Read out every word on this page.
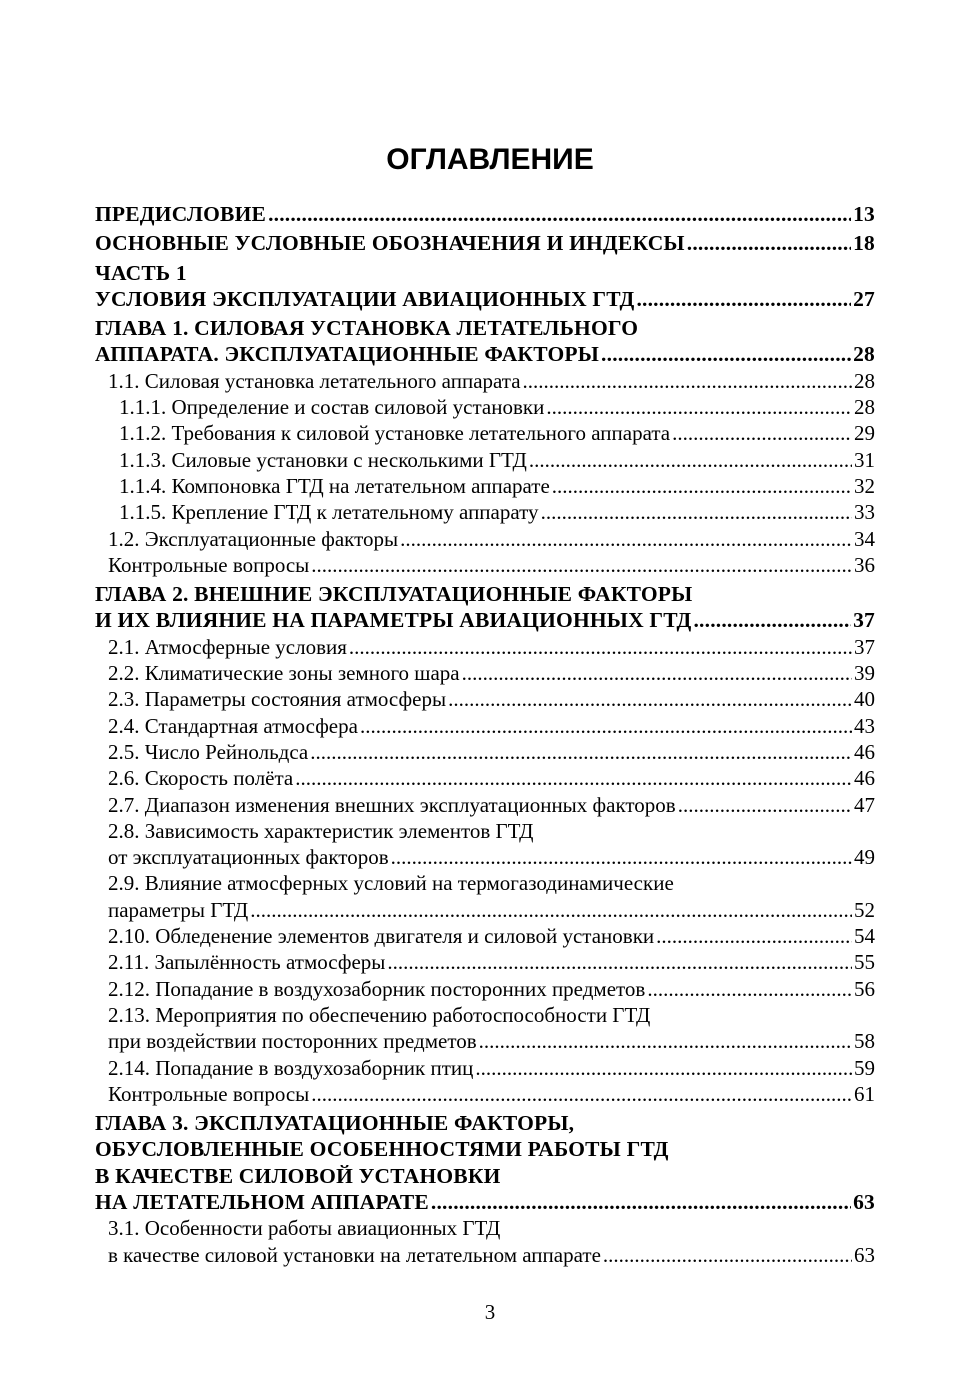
ОГЛАВЛЕНИЕ
ПРЕДИСЛОВИЕ .....	13
ОСНОВНЫЕ УСЛОВНЫЕ ОБОЗНАЧЕНИЯ И ИНДЕКСЫ .....	18
ЧАСТЬ 1
УСЛОВИЯ ЭКСПЛУАТАЦИИ АВИАЦИОННЫХ ГТД .....	27
ГЛАВА 1. СИЛОВАЯ УСТАНОВКА ЛЕТАТЕЛЬНОГО
АППАРАТА. ЭКСПЛУАТАЦИОННЫЕ ФАКТОРЫ .....	28
1.1. Силовая установка летательного аппарата .....	28
1.1.1. Определение и состав силовой установки .....	28
1.1.2. Требования к силовой установке летательного аппарата .....	29
1.1.3. Силовые установки с несколькими ГТД .....	31
1.1.4. Компоновка ГТД на летательном аппарате .....	32
1.1.5. Крепление ГТД к летательному аппарату .....	33
1.2. Эксплуатационные факторы .....	34
Контрольные вопросы .....	36
ГЛАВА 2. ВНЕШНИЕ ЭКСПЛУАТАЦИОННЫЕ ФАКТОРЫ
И ИХ ВЛИЯНИЕ НА ПАРАМЕТРЫ АВИАЦИОННЫХ ГТД .....	37
2.1. Атмосферные условия .....	37
2.2. Климатические зоны земного шара .....	39
2.3. Параметры состояния атмосферы .....	40
2.4. Стандартная атмосфера .....	43
2.5. Число Рейнольдса .....	46
2.6. Скорость полёта .....	46
2.7. Диапазон изменения внешних эксплуатационных факторов .....	47
2.8. Зависимость характеристик элементов ГТД
от эксплуатационных факторов .....	49
2.9. Влияние атмосферных условий на термогазодинамические
параметры ГТД .....	52
2.10. Обледенение элементов двигателя и силовой установки .....	54
2.11. Запылённость атмосферы .....	55
2.12. Попадание в воздухозаборник посторонних предметов .....	56
2.13. Мероприятия по обеспечению работоспособности ГТД
при воздействии посторонних предметов .....	58
2.14. Попадание в воздухозаборник птиц .....	59
Контрольные вопросы .....	61
ГЛАВА 3. ЭКСПЛУАТАЦИОННЫЕ ФАКТОРЫ,
ОБУСЛОВЛЕННЫЕ ОСОБЕННОСТЯМИ РАБОТЫ ГТД
В КАЧЕСТВЕ СИЛОВОЙ УСТАНОВКИ
НА ЛЕТАТЕЛЬНОМ АППАРАТЕ .....	63
3.1. Особенности работы авиационных ГТД
в качестве силовой установки на летательном аппарате .....	63
3
